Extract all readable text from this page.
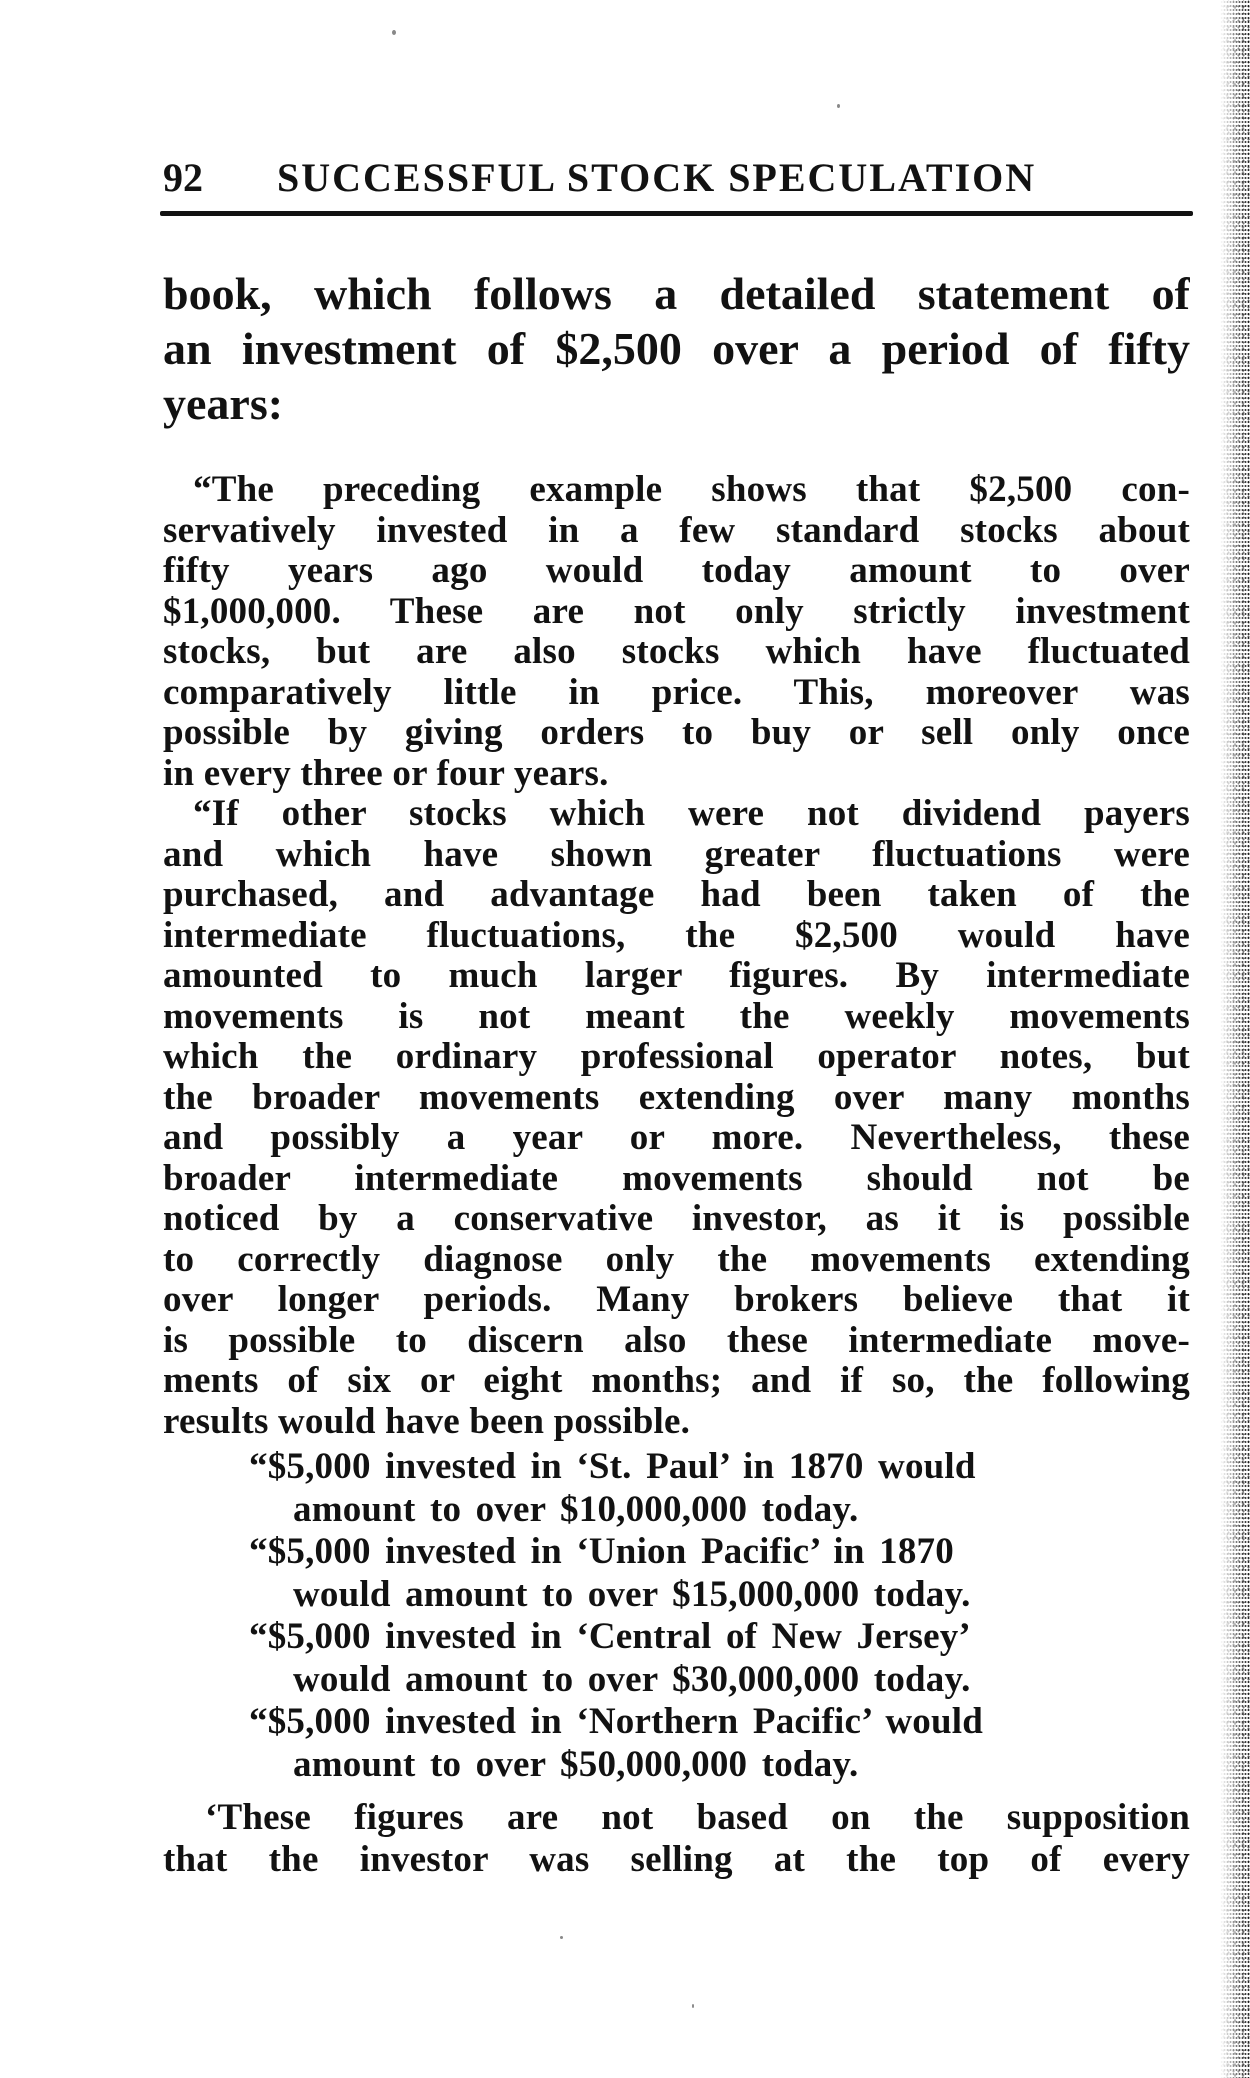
92 SUCCESSFUL STOCK SPECULATION
book, which follows a detailed statement of
an investment of $2,500 over a period of fifty
years:
“The preceding example shows that $2,500 con-
servatively invested in a few standard stocks about
fifty years ago would today amount to over
$1,000,000. These are not only strictly investment
stocks, but are also stocks which have fluctuated
comparatively little in price. This, moreover was
possible by giving orders to buy or sell only once
in every three or four years.
“If other stocks which were not dividend payers
and which have shown greater fluctuations were
purchased, and advantage had been taken of the
intermediate fluctuations, the $2,500 would have
amounted to much larger figures. By intermediate
movements is not meant the weekly movements
which the ordinary professional operator notes, but
the broader movements extending over many months
and possibly a year or more. Nevertheless, these
broader intermediate movements should not be
noticed by a conservative investor, as it is possible
to correctly diagnose only the movements extending
over longer periods. Many brokers believe that it
is possible to discern also these intermediate move-
ments of six or eight months; and if so, the following
results would have been possible.
“$5,000 invested in ‘St. Paul’ in 1870 would
amount to over $10,000,000 today.
“$5,000 invested in ‘Union Pacific’ in 1870
would amount to over $15,000,000 today.
“$5,000 invested in ‘Central of New Jersey’
would amount to over $30,000,000 today.
“$5,000 invested in ‘Northern Pacific’ would
amount to over $50,000,000 today.
‘These figures are not based on the supposition
that the investor was selling at the top of every
